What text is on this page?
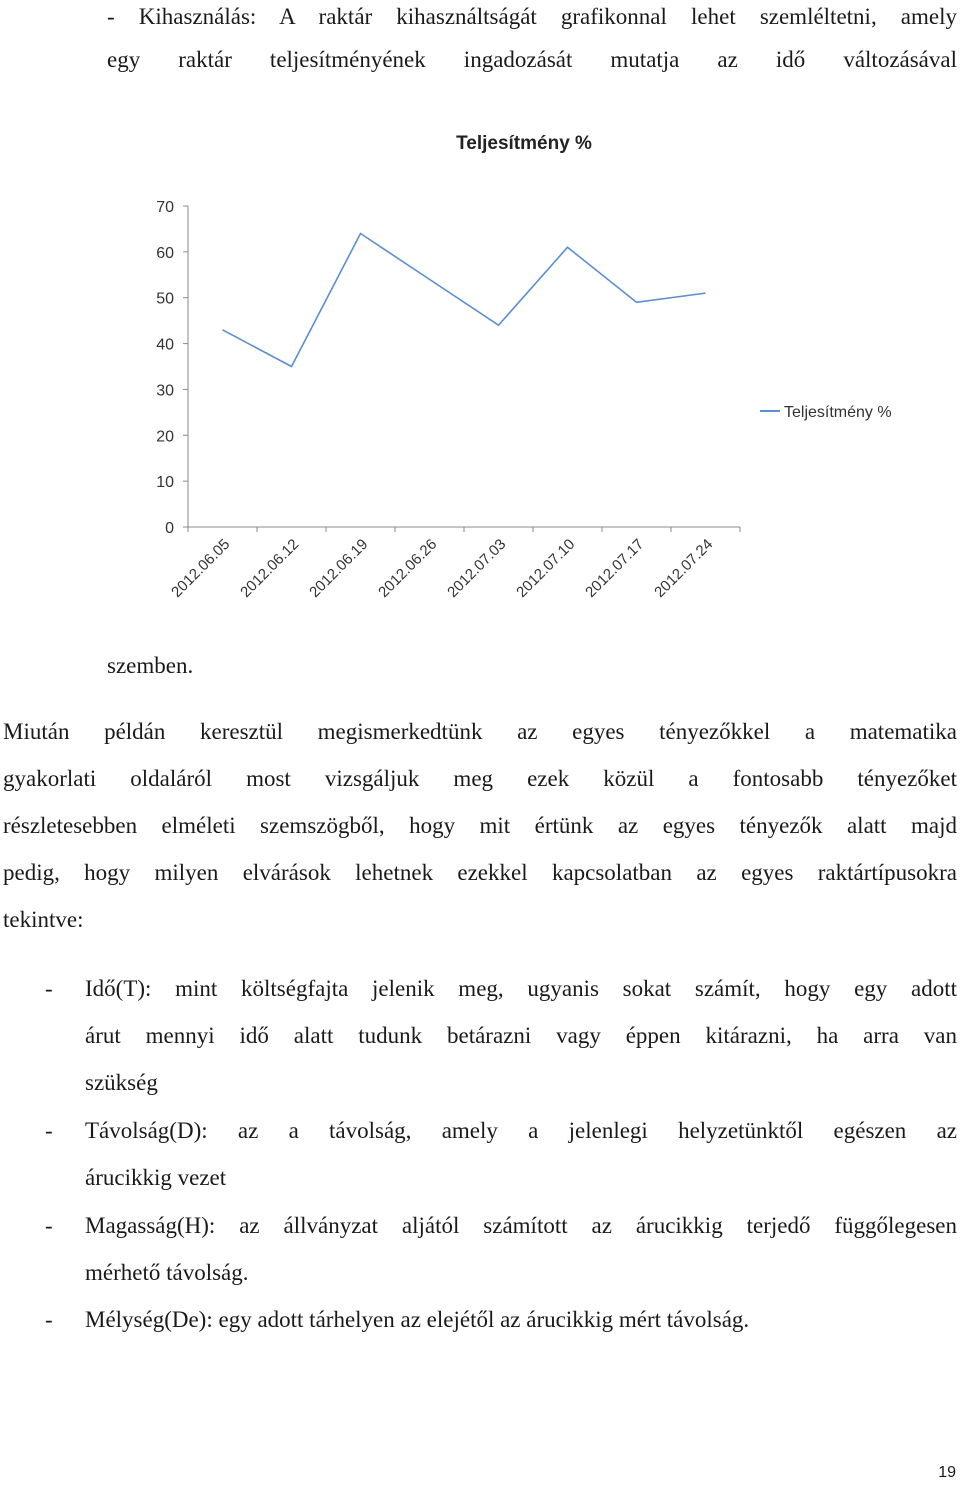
- Kihasználás: A raktár kihasználtságát grafikonnal lehet szemléltetni, amely
egy raktár teljesítményének ingadozását mutatja az idő változásával
Teljesítmény %
0
10
20
30
40
50
60
70
2012.06.05 2012.06.12 2012.06.19 2012.06.26 2012.07.03 2012.07.10 2012.07.17 2012.07.24
Teljesítmény %
szemben.
Miután példán keresztül megismerkedtünk az egyes tényezőkkel a matematika
gyakorlati oldaláról most vizsgáljuk meg ezek közül a fontosabb tényezőket
részletesebben elméleti szemszögből, hogy mit értünk az egyes tényezők alatt majd
pedig, hogy milyen elvárások lehetnek ezekkel kapcsolatban az egyes raktártípusokra
tekintve:
- Idő(T): mint költségfajta jelenik meg, ugyanis sokat számít, hogy egy adott
árut mennyi idő alatt tudunk betárazni vagy éppen kitárazni, ha arra van
szükség
- Távolság(D): az a távolság, amely a jelenlegi helyzetünktől egészen az
árucikkig vezet
- Magasság(H): az állványzat aljától számított az árucikkig terjedő függőlegesen
mérhető távolság.
- Mélység(De): egy adott tárhelyen az elejétől az árucikkig mért távolság.
19
